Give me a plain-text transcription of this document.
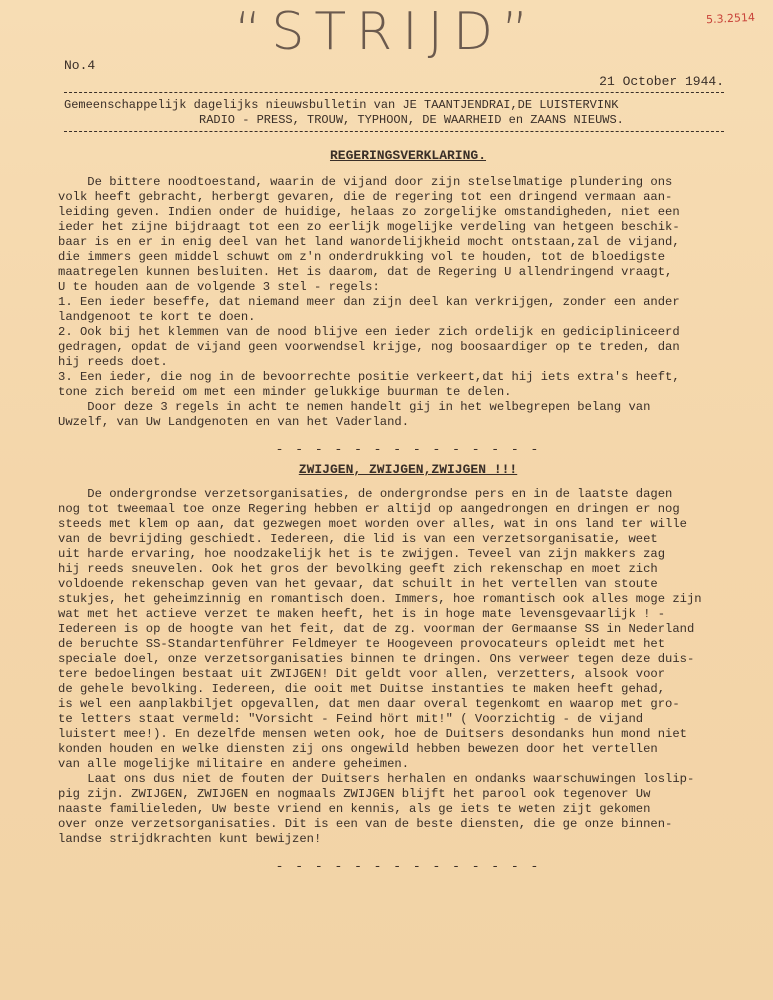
“STRIJD”	5.3.2514
No.4
21 October 1944.
Gemeenschappelijk dagelijks nieuwsbulletin van JE TAANTJENDRAI,DE LUISTERVINK
RADIO - PRESS, TROUW, TYPHOON, DE WAARHEID en ZAANS NIEUWS.
REGERINGSVERKLARING.

De bittere noodtoestand, waarin de vijand door zijn stelselmatige plundering ons
volk heeft gebracht, herbergt gevaren, die de regering tot een dringend vermaan aan-
leiding geven. Indien onder de huidige, helaas zo zorgelijke omstandigheden, niet een
ieder het zijne bijdraagt tot een zo eerlijk mogelijke verdeling van hetgeen beschik-
baar is en er in enig deel van het land wanordelijkheid mocht ontstaan,zal de vijand,
die immers geen middel schuwt om z'n onderdrukking vol te houden, tot de bloedigste
maatregelen kunnen besluiten. Het is daarom, dat de Regering U allendringend vraagt,
U te houden aan de volgende 3 stel - regels:

1. Een ieder beseffe, dat niemand meer dan zijn deel kan verkrijgen, zonder een ander
landgenoot te kort te doen.

2. Ook bij het klemmen van de nood blijve een ieder zich ordelijk en gedicipliniceerd
gedragen, opdat de vijand geen voorwendsel krijge, nog boosaardiger op te treden, dan
hij reeds doet.

3. Een ieder, die nog in de bevoorrechte positie verkeert,dat hij iets extra's heeft,
tone zich bereid om met een minder gelukkige buurman te delen.

Door deze 3 regels in acht te nemen handelt gij in het welbegrepen belang van
Uwzelf, van Uw Landgenoten en van het Vaderland.

- - - - - - - - - - - - - -

ZWIJGEN, ZWIJGEN,ZWIJGEN !!!

De ondergrondse verzetsorganisaties, de ondergrondse pers en in de laatste dagen
nog tot tweemaal toe onze Regering hebben er altijd op aangedrongen en dringen er nog
steeds met klem op aan, dat gezwegen moet worden over alles, wat in ons land ter wille
van de bevrijding geschiedt. Iedereen, die lid is van een verzetsorganisatie, weet
uit harde ervaring, hoe noodzakelijk het is te zwijgen. Teveel van zijn makkers zag
hij reeds sneuvelen. Ook het gros der bevolking geeft zich rekenschap en moet zich
voldoende rekenschap geven van het gevaar, dat schuilt in het vertellen van stoute
stukjes, het geheimzinnig en romantisch doen. Immers, hoe romantisch ook alles moge zijn
wat met het actieve verzet te maken heeft, het is in hoge mate levensgevaarlijk ! -
Iedereen is op de hoogte van het feit, dat de zg. voorman der Germaanse SS in Nederland
de beruchte SS-Standartenführer Feldmeyer te Hoogeveen provocateurs opleidt met het
speciale doel, onze verzetsorganisaties binnen te dringen. Ons verweer tegen deze duis-
tere bedoelingen bestaat uit ZWIJGEN! Dit geldt voor allen, verzetters, alsook voor
de gehele bevolking. Iedereen, die ooit met Duitse instanties te maken heeft gehad,
is wel een aanplakbiljet opgevallen, dat men daar overal tegenkomt en waarop met gro-
te letters staat vermeld: "Vorsicht - Feind hört mit!" ( Voorzichtig - de vijand
luistert mee!). En dezelfde mensen weten ook, hoe de Duitsers desondanks hun mond niet
konden houden en welke diensten zij ons ongewild hebben bewezen door het vertellen
van alle mogelijke militaire en andere geheimen.

Laat ons dus niet de fouten der Duitsers herhalen en ondanks waarschuwingen loslip-
pig zijn. ZWIJGEN, ZWIJGEN en nogmaals ZWIJGEN blijft het parool ook tegenover Uw
naaste familieleden, Uw beste vriend en kennis, als ge iets te weten zijt gekomen
over onze verzetsorganisaties. Dit is een van de beste diensten, die ge onze binnen-
landse strijdkrachten kunt bewijzen!

- - - - - - - - - - - - - -
